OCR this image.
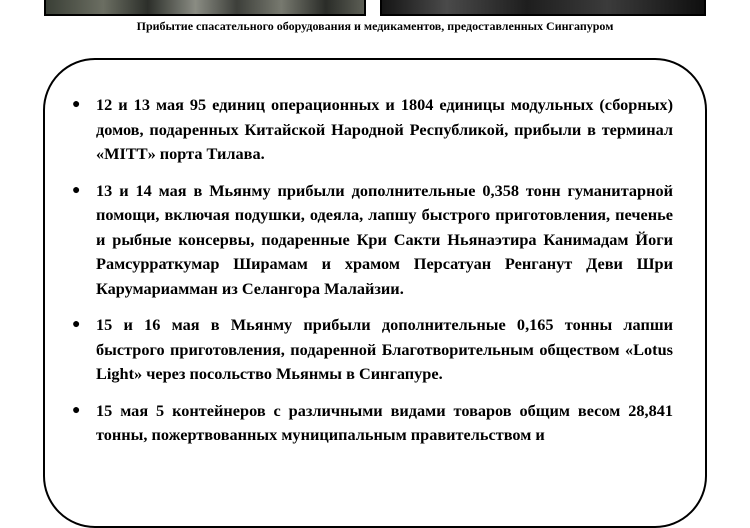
Прибытие спасательного оборудования и медикаментов, предоставленных Сингапуром
● 12 и 13 мая 95 единиц операционных и 1804 единицы модульных (сборных) домов, подаренных Китайской Народной Республикой, прибыли в терминал «MITT» порта Тилава.
● 13 и 14 мая в Мьянму прибыли дополнительные 0,358 тонн гуманитарной помощи, включая подушки, одеяла, лапшу быстрого приготовления, печенье и рыбные консервы, подаренные Кри Сакти Ньянаэтира Канимадам Йоги Рамсурраткумар Ширамам и храмом Персатуан Ренганут Деви Шри Карумариамман из Селангора Малайзии.
● 15 и 16 мая в Мьянму прибыли дополнительные 0,165 тонны лапши быстрого приготовления, подаренной Благотворительным обществом «Lotus Light» через посольство Мьянмы в Сингапуре.
● 15 мая 5 контейнеров с различными видами товаров общим весом 28,841 тонны, пожертвованных муниципальным правительством и
